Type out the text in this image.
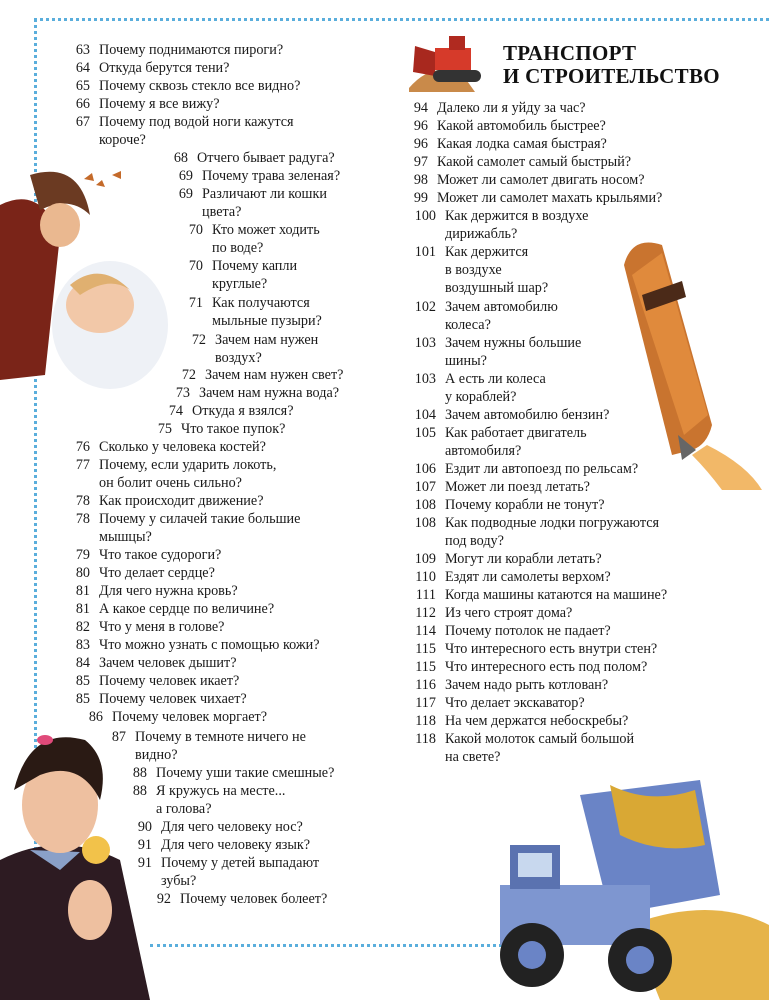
ТРАНСПОРТ
И СТРОИТЕЛЬСТВО
63 Почему поднимаются пироги?
64 Откуда берутся тени?
65 Почему сквозь стекло все видно?
66 Почему я все вижу?
67 Почему под водой ноги кажутся
короче?
68 Отчего бывает радуга?
69 Почему трава зеленая?
69 Различают ли кошки
цвета?
70 Кто может ходить
по воде?
70 Почему капли
круглые?
71 Как получаются
мыльные пузыри?
72 Зачем нам нужен
воздух?
72 Зачем нам нужен свет?
73 Зачем нам нужна вода?
74 Откуда я взялся?
75 Что такое пупок?
76 Сколько у человека костей?
77 Почему, если ударить локоть,
он болит очень сильно?
78 Как происходит движение?
78 Почему у силачей такие большие
мышцы?
79 Что такое судороги?
80 Что делает сердце?
81 Для чего нужна кровь?
81 А какое сердце по величине?
82 Что у меня в голове?
83 Что можно узнать с помощью кожи?
84 Зачем человек дышит?
85 Почему человек икает?
85 Почему человек чихает?
86 Почему человек моргает?
87 Почему в темноте ничего не
видно?
88 Почему уши такие смешные?
88 Я кружусь на месте...
а голова?
90 Для чего человеку нос?
91 Для чего человеку язык?
91 Почему у детей выпадают
зубы?
92 Почему человек болеет?
94 Далеко ли я уйду за час?
96 Какой автомобиль быстрее?
96 Какая лодка самая быстрая?
97 Какой самолет самый быстрый?
98 Может ли самолет двигать носом?
99 Может ли самолет махать крыльями?
100 Как держится в воздухе
дирижабль?
101 Как держится
в воздухе
воздушный шар?
102 Зачем автомобилю
колеса?
103 Зачем нужны большие
шины?
103 А есть ли колеса
у кораблей?
104 Зачем автомобилю бензин?
105 Как работает двигатель
автомобиля?
106 Ездит ли автопоезд по рельсам?
107 Может ли поезд летать?
108 Почему корабли не тонут?
108 Как подводные лодки погружаются
под воду?
109 Могут ли корабли летать?
110 Ездят ли самолеты верхом?
111 Когда машины катаются на машине?
112 Из чего строят дома?
114 Почему потолок не падает?
115 Что интересного есть внутри стен?
115 Что интересного есть под полом?
116 Зачем надо рыть котлован?
117 Что делает экскаватор?
118 На чем держатся небоскребы?
118 Какой молоток самый большой
на свете?
